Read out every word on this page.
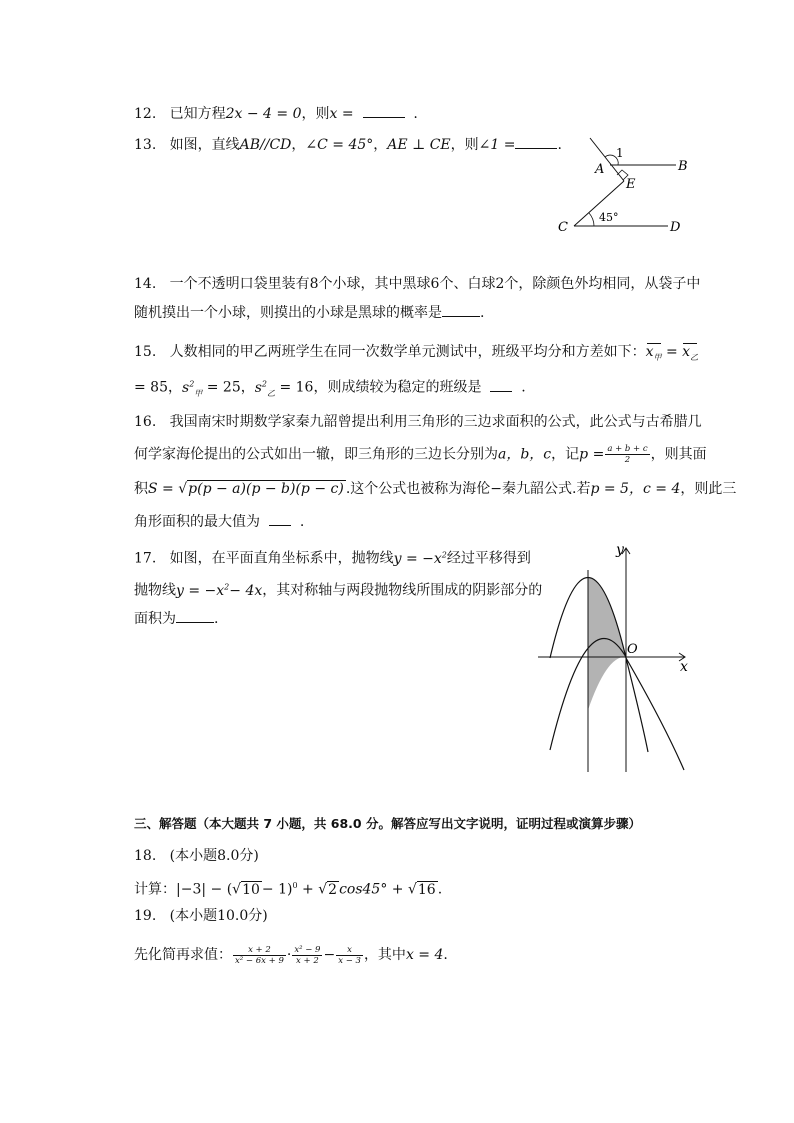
12. 已知方程2x − 4 = 0，则x =	.
13. 如图，直线AB//CD，∠C = 45°，AE ⊥ CE，则∠1 =	.	1
A	B
E
C	D
45°
14. 一个不透明口袋里装有8个小球，其中黑球6个、白球2个，除颜色外均相同，从袋子中
随机摸出一个小球，则摸出的小球是黑球的概率是	.
15. 人数相同的甲乙两班学生在同一次数学单元测试中，班级平均分和方差如下：$x_甲 = x_乙$
= 85，$s^2_甲 = 25$，$s^2_乙 = 16$，则成绩较为稳定的班级是	.
16. 我国南宋时期数学家秦九韶曾提出利用三角形的三边求面积的公式，此公式与古希腊几
何学家海伦提出的公式如出一辙，即三角形的三边长分别为a，b，c，记$p = \frac{a + b + c}{2}$ ，则其面
积S = √p(p − a)(p − b)(p − c) .这个公式也被称为海伦−秦九韶公式.若p = 5，c = 4，则此三
角形面积的最大值为	.
17. 如图，在平面直角坐标系中，抛物线$y = -x^2$经过平移得到
抛物线$y = -x^2- 4x$，其对称轴与两段抛物线所围成的阴影部分的
面积为	.
y
x
O
三、解答题（本大题共 7 小题，共 68.0 分。解答应写出文字说明，证明过程或演算步骤）
18. (本小题8.0分)
计算：$|-3| - (√10 - 1)^0 + √2$ cos45° + √16 .
19. (本小题10.0分)
先化简再求值： $\frac{x + 2}{\text{x² − 6x + 9}} \cdot \frac{\text{x² − 9}}{x + 2} - \frac{x}{x - 3}$ ，其中x = 4.
